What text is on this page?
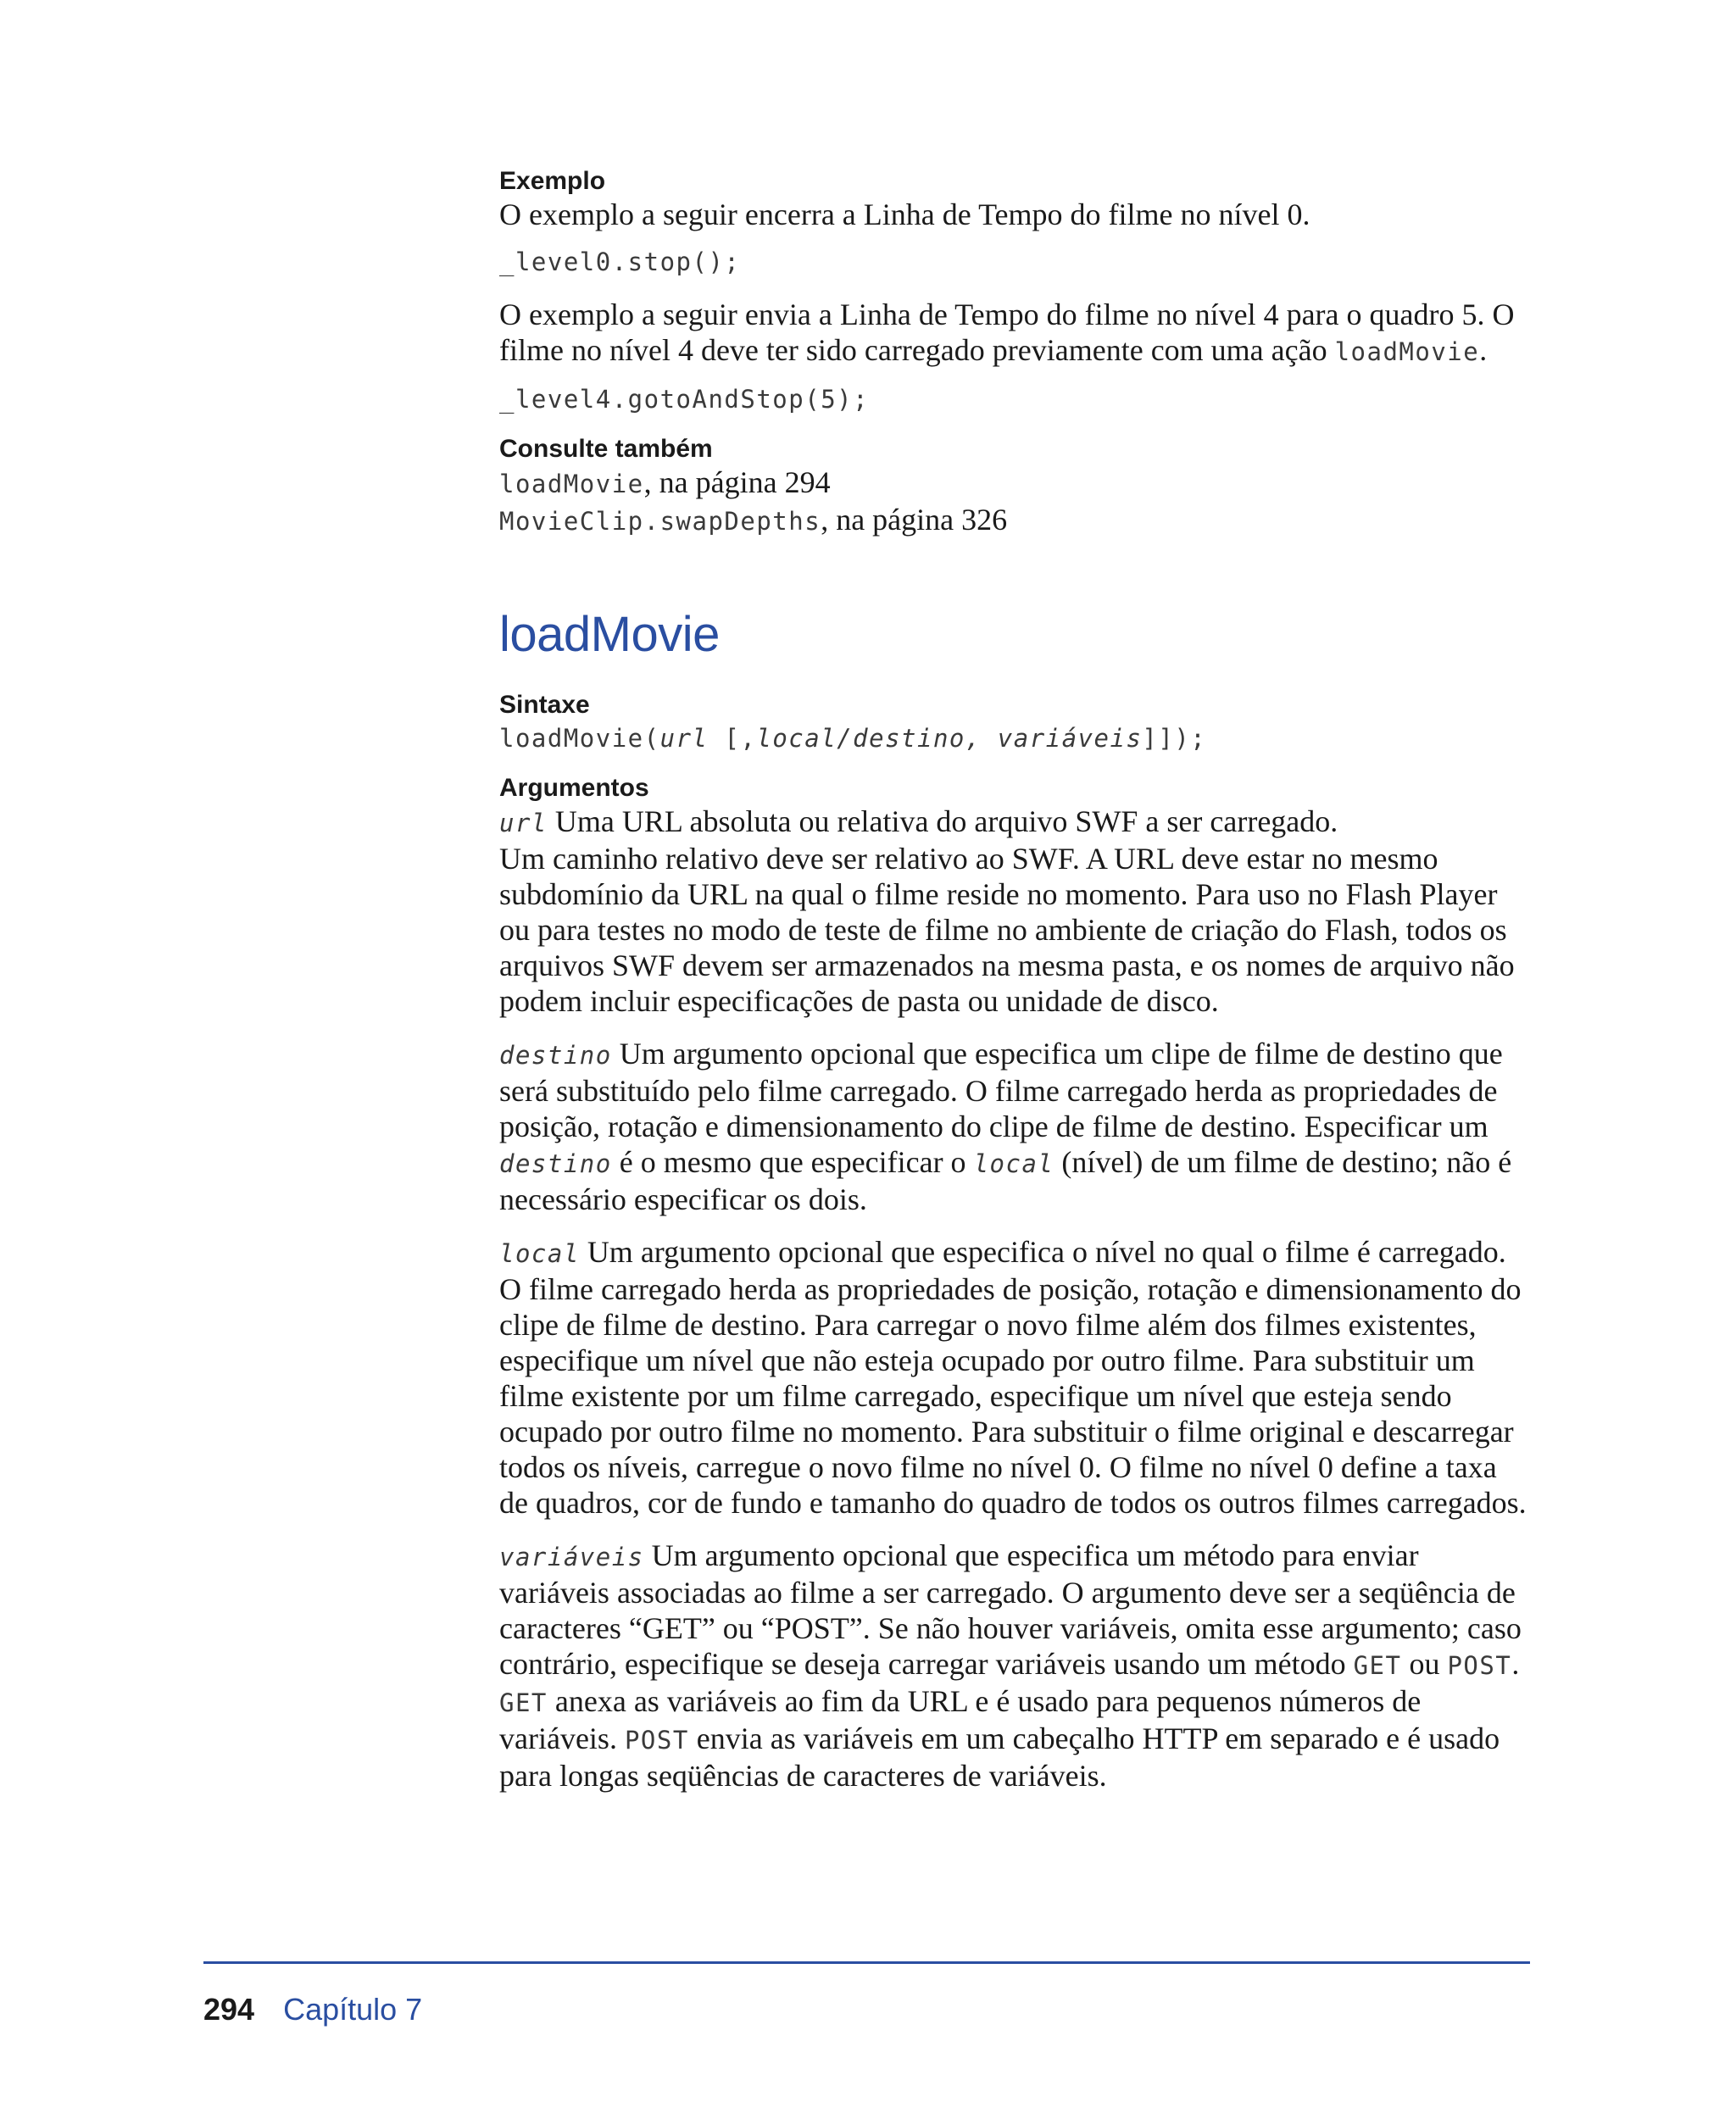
Exemplo

O exemplo a seguir encerra a Linha de Tempo do filme no nível 0.

_level0.stop();

O exemplo a seguir envia a Linha de Tempo do filme no nível 4 para o quadro 5. O filme no nível 4 deve ter sido carregado previamente com uma ação loadMovie.

_level4.gotoAndStop(5);
Consulte também
loadMovie, na página 294
MovieClip.swapDepths, na página 326
loadMovie
Sintaxe
loadMovie(url [,local/destino, variáveis]]);
Argumentos

url Uma URL absoluta ou relativa do arquivo SWF a ser carregado.

Um caminho relativo deve ser relativo ao SWF. A URL deve estar no mesmo subdomínio da URL na qual o filme reside no momento. Para uso no Flash Player ou para testes no modo de teste de filme no ambiente de criação do Flash, todos os arquivos SWF devem ser armazenados na mesma pasta, e os nomes de arquivo não podem incluir especificações de pasta ou unidade de disco.

destino Um argumento opcional que especifica um clipe de filme de destino que será substituído pelo filme carregado. O filme carregado herda as propriedades de posição, rotação e dimensionamento do clipe de filme de destino. Especificar um destino é o mesmo que especificar o local (nível) de um filme de destino; não é necessário especificar os dois.

local Um argumento opcional que especifica o nível no qual o filme é carregado. O filme carregado herda as propriedades de posição, rotação e dimensionamento do clipe de filme de destino. Para carregar o novo filme além dos filmes existentes, especifique um nível que não esteja ocupado por outro filme. Para substituir um filme existente por um filme carregado, especifique um nível que esteja sendo ocupado por outro filme no momento. Para substituir o filme original e descarregar todos os níveis, carregue o novo filme no nível 0. O filme no nível 0 define a taxa de quadros, cor de fundo e tamanho do quadro de todos os outros filmes carregados.

variáveis Um argumento opcional que especifica um método para enviar variáveis associadas ao filme a ser carregado. O argumento deve ser a seqüência de caracteres “GET” ou “POST”. Se não houver variáveis, omita esse argumento; caso contrário, especifique se deseja carregar variáveis usando um método GET ou POST. GET anexa as variáveis ao fim da URL e é usado para pequenos números de variáveis. POST envia as variáveis em um cabeçalho HTTP em separado e é usado para longas seqüências de caracteres de variáveis.

294 Capítulo 7
